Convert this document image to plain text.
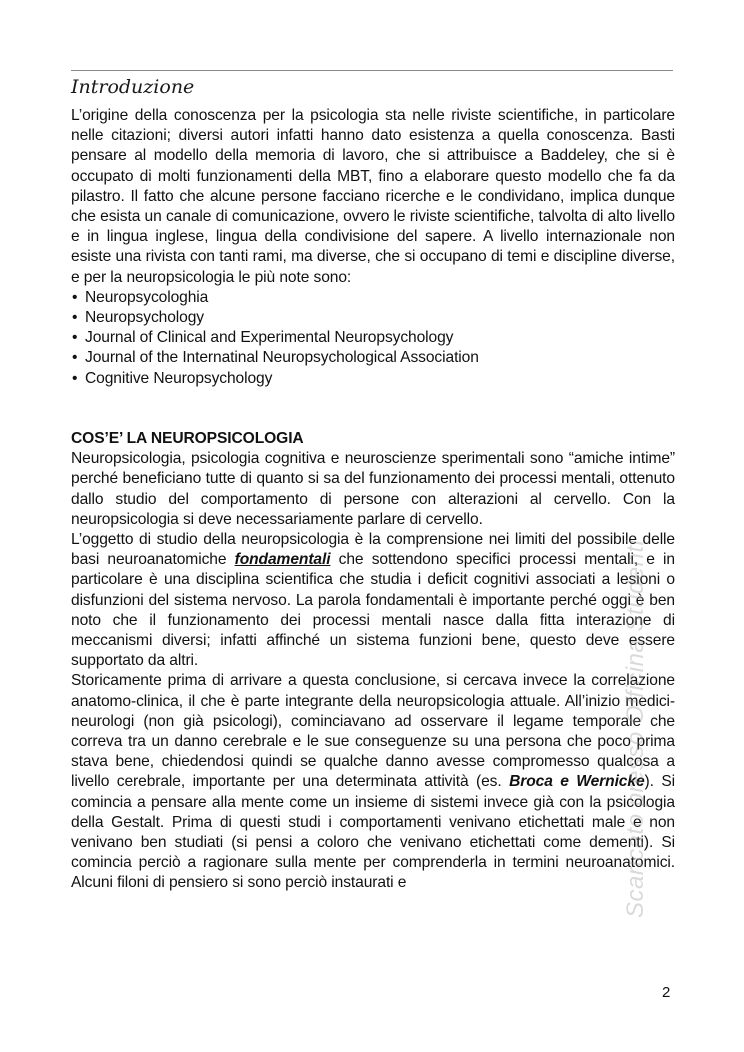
Introduzione

L’origine della conoscenza per la psicologia sta nelle riviste scientifiche, in particolare nelle citazioni; diversi autori infatti hanno dato esistenza a quella conoscenza. Basti pensare al modello della memoria di lavoro, che si attribuisce a Baddeley, che si è occupato di molti funzionamenti della MBT, fino a elaborare questo modello che fa da pilastro. Il fatto che alcune persone facciano ricerche e le condividano, implica dunque che esista un canale di comunicazione, ovvero le riviste scientifiche, talvolta di alto livello e in lingua inglese, lingua della condivisione del sapere. A livello internazionale non esiste una rivista con tanti rami, ma diverse, che si occupano di temi e discipline diverse, e per la neuropsicologia le più note sono:

• Neuropsycologhia
• Neuropsychology
• Journal of Clinical and Experimental Neuropsychology
• Journal of the Internatinal Neuropsychological Association
• Cognitive Neuropsychology
COS’E’ LA NEUROPSICOLOGIA

Neuropsicologia, psicologia cognitiva e neuroscienze sperimentali sono “amiche intime” perché beneficiano tutte di quanto si sa del funzionamento dei processi mentali, ottenuto dallo studio del comportamento di persone con alterazioni al cervello. Con la neuropsicologia si deve necessariamente parlare di cervello.

L’oggetto di studio della neuropsicologia è la comprensione nei limiti del possibile delle basi neuroanatomiche fondamentali che sottendono specifici processi mentali, e in particolare è una disciplina scientifica che studia i deficit cognitivi associati a lesioni o disfunzioni del sistema nervoso. La parola fondamentali è importante perché oggi è ben noto che il funzionamento dei processi mentali nasce dalla fitta interazione di meccanismi diversi; infatti affinché un sistema funzioni bene, questo deve essere supportato da altri.

Storicamente prima di arrivare a questa conclusione, si cercava invece la correlazione anatomo-clinica, il che è parte integrante della neuropsicologia attuale. All’inizio medici-neurologi (non già psicologi), cominciavano ad osservare il legame temporale che correva tra un danno cerebrale e le sue conseguenze su una persona che poco prima stava bene, chiedendosi quindi se qualche danno avesse compromesso qualcosa a livello cerebrale, importante per una determinata attività (es. Broca e Wernicke). Si comincia a pensare alla mente come un insieme di sistemi invece già con la psicologia della Gestalt. Prima di questi studi i comportamenti venivano etichettati male e non venivano ben studiati (si pensi a coloro che venivano etichettati come dementi). Si comincia perciò a ragionare sulla mente per comprenderla in termini neuroanatomici. Alcuni filoni di pensiero si sono perciò instaurati e	Scaricato presso Officina Studenti
2
